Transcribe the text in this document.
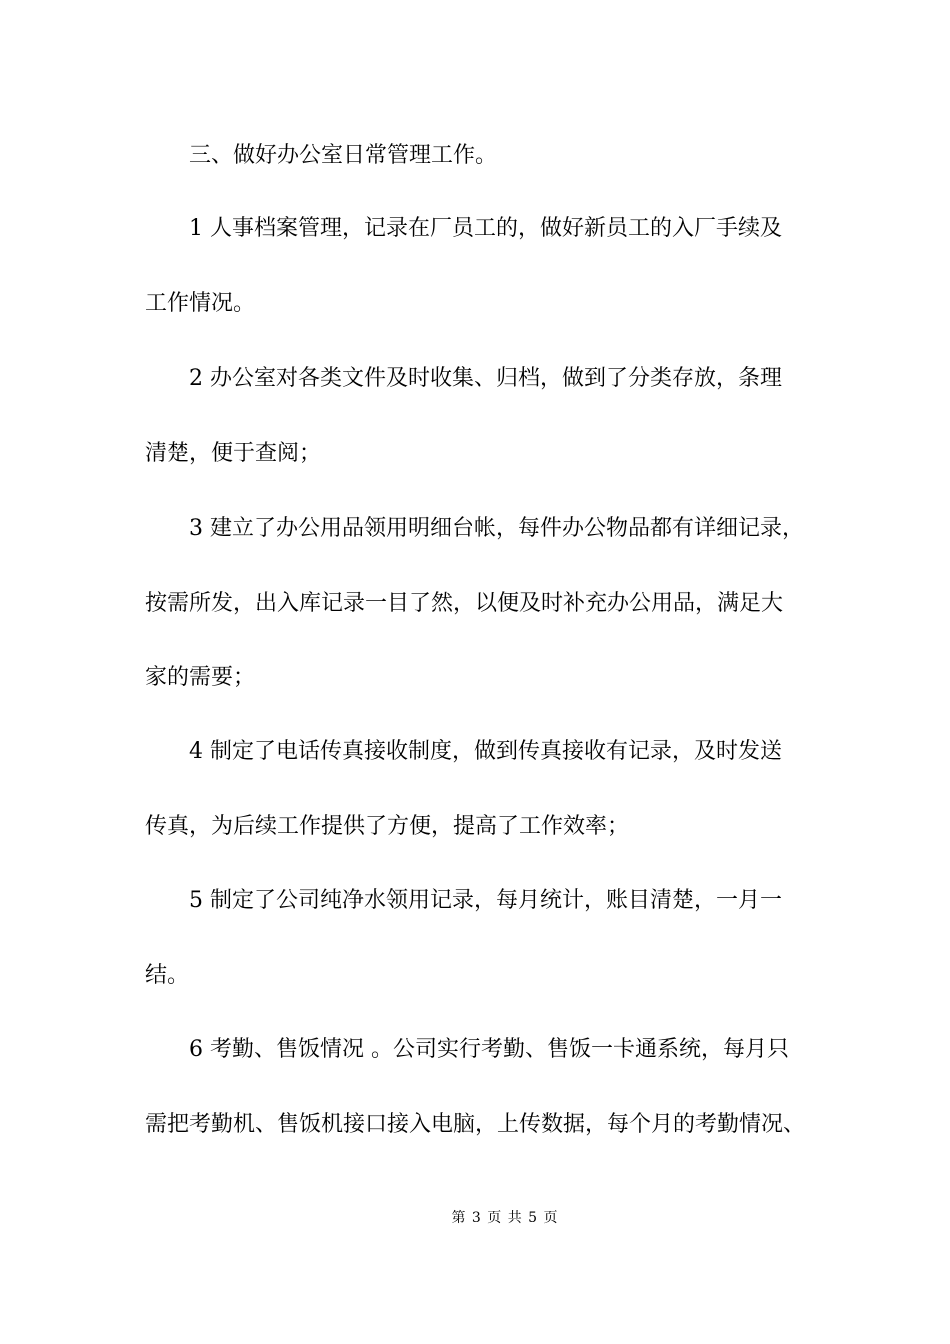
三、做好办公室日常管理工作。
1 人事档案管理，记录在厂员工的，做好新员工的入厂手续及
工作情况。
2 办公室对各类文件及时收集、归档，做到了分类存放，条理
清楚，便于查阅；
3 建立了办公用品领用明细台帐，每件办公物品都有详细记录，
按需所发，出入库记录一目了然，以便及时补充办公用品，满足大
家的需要；
4 制定了电话传真接收制度，做到传真接收有记录，及时发送
传真，为后续工作提供了方便，提高了工作效率；
5 制定了公司纯净水领用记录，每月统计，账目清楚，一月一
结。
6 考勤、售饭情况 。公司实行考勤、售饭一卡通系统，每月只
需把考勤机、售饭机接口接入电脑，上传数据，每个月的考勤情况、
第 3 页 共 5 页
